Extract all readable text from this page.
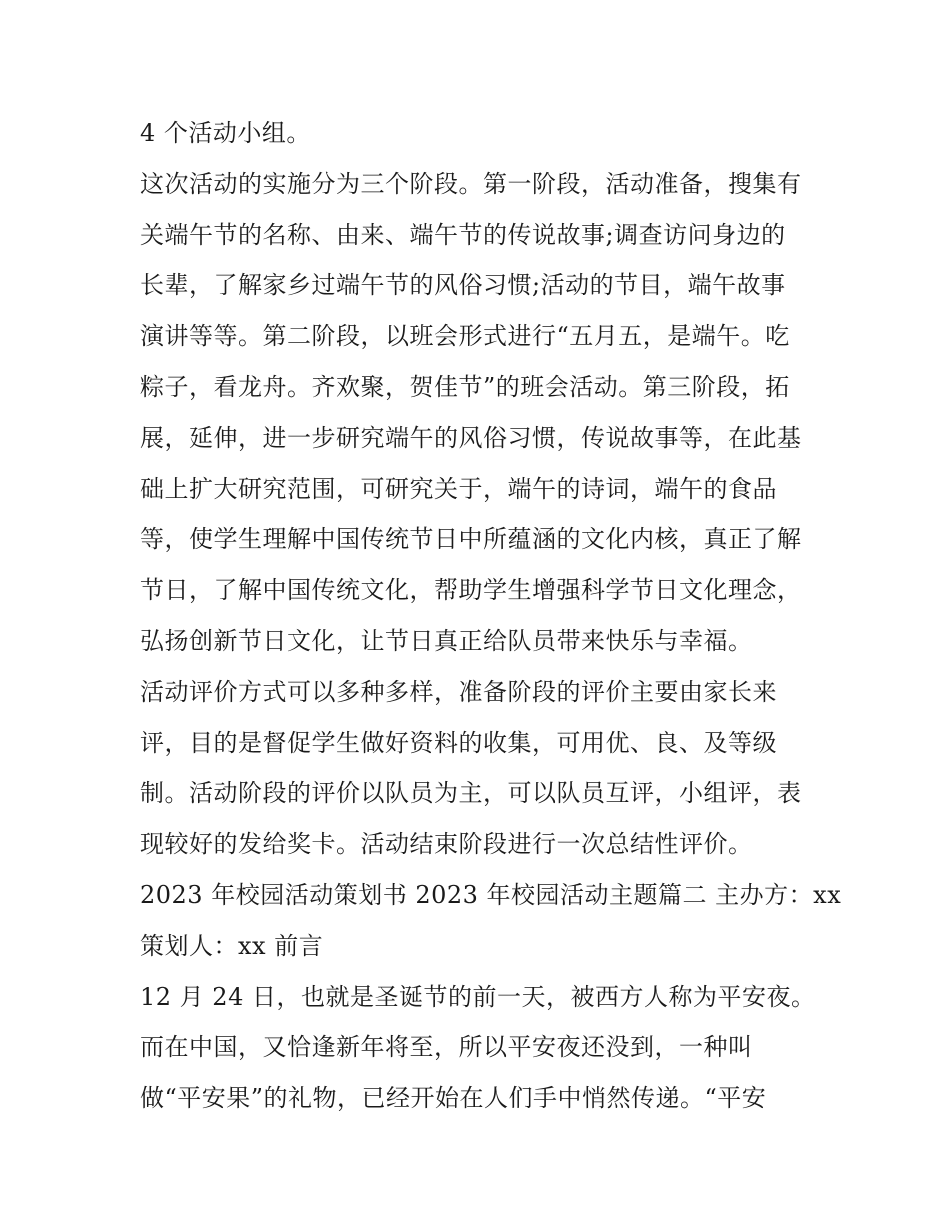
4 个活动小组。
这次活动的实施分为三个阶段。第一阶段，活动准备，搜集有
关端午节的名称、由来、端午节的传说故事;调查访问身边的
长辈，了解家乡过端午节的风俗习惯;活动的节目，端午故事
演讲等等。第二阶段，以班会形式进行“五月五，是端午。吃
粽子，看龙舟。齐欢聚，贺佳节”的班会活动。第三阶段，拓
展，延伸，进一步研究端午的风俗习惯，传说故事等，在此基
础上扩大研究范围，可研究关于，端午的诗词，端午的食品
等，使学生理解中国传统节日中所蕴涵的文化内核，真正了解
节日，了解中国传统文化，帮助学生增强科学节日文化理念，
弘扬创新节日文化，让节日真正给队员带来快乐与幸福。
活动评价方式可以多种多样，准备阶段的评价主要由家长来
评，目的是督促学生做好资料的收集，可用优、良、及等级
制。活动阶段的评价以队员为主，可以队员互评，小组评，表
现较好的发给奖卡。活动结束阶段进行一次总结性评价。
2023 年校园活动策划书 2023 年校园活动主题篇二 主办方：xx
策划人：xx 前言
12 月 24 日，也就是圣诞节的前一天，被西方人称为平安夜。
而在中国，又恰逢新年将至，所以平安夜还没到，一种叫
做“平安果”的礼物，已经开始在人们手中悄然传递。“平安
